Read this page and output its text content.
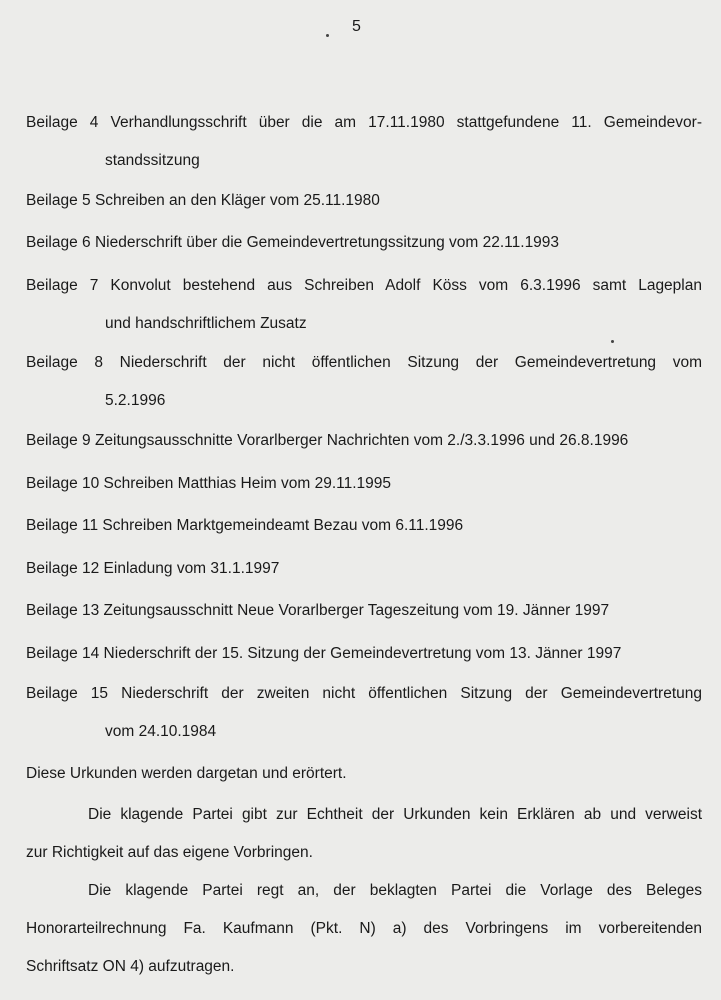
5
Beilage 4 Verhandlungsschrift über die am 17.11.1980 stattgefundene 11. Gemeindevor-
standssitzung
Beilage 5 Schreiben an den Kläger vom 25.11.1980
Beilage 6 Niederschrift über die Gemeindevertretungssitzung vom 22.11.1993
Beilage 7 Konvolut bestehend aus Schreiben Adolf Köss vom 6.3.1996 samt Lageplan
und handschriftlichem Zusatz
Beilage 8 Niederschrift der nicht öffentlichen Sitzung der Gemeindevertretung vom
5.2.1996
Beilage 9 Zeitungsausschnitte Vorarlberger Nachrichten vom 2./3.3.1996 und 26.8.1996
Beilage 10 Schreiben Matthias Heim vom 29.11.1995
Beilage 11 Schreiben Marktgemeindeamt Bezau vom 6.11.1996
Beilage 12 Einladung vom 31.1.1997
Beilage 13 Zeitungsausschnitt Neue Vorarlberger Tageszeitung vom 19. Jänner 1997
Beilage 14 Niederschrift der 15. Sitzung der Gemeindevertretung vom 13. Jänner 1997
Beilage 15 Niederschrift der zweiten nicht öffentlichen Sitzung der Gemeindevertretung
vom 24.10.1984
Diese Urkunden werden dargetan und erörtert.
Die klagende Partei gibt zur Echtheit der Urkunden kein Erklären ab und verweist
zur Richtigkeit auf das eigene Vorbringen.
Die klagende Partei regt an, der beklagten Partei die Vorlage des Beleges
Honorarteilrechnung Fa. Kaufmann (Pkt. N) a) des Vorbringens im vorbereitenden
Schriftsatz ON 4) aufzutragen.
